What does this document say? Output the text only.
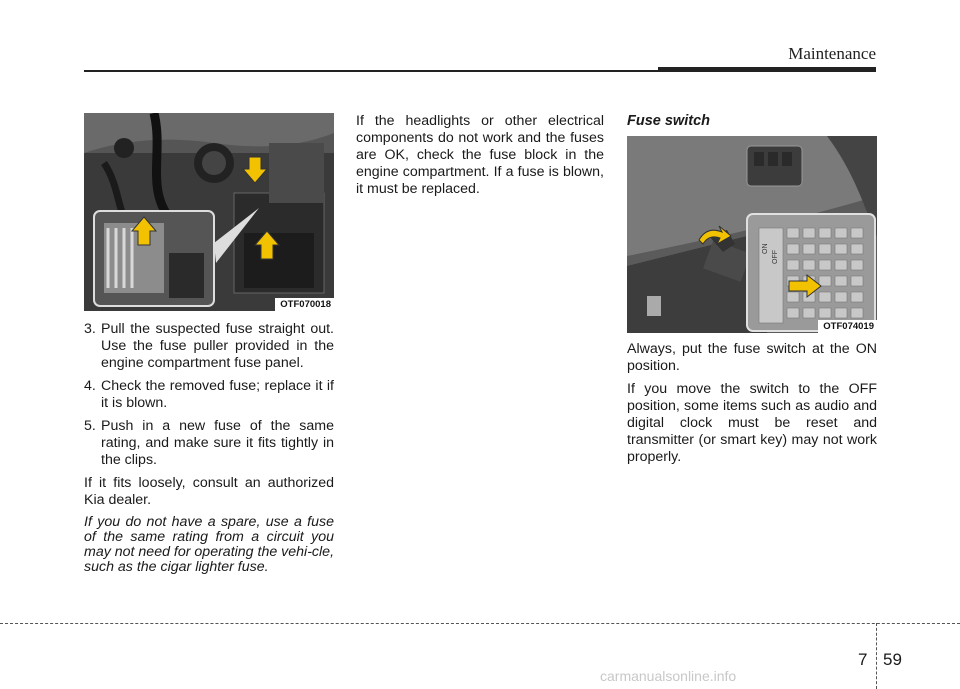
Maintenance
OTF070018
3. Pull the suspected fuse straight out. Use the fuse puller provided in the engine compartment fuse panel.
4. Check the removed fuse; replace it if it is blown.
5. Push in a new fuse of the same rating, and make sure it fits tightly in the clips.

If it fits loosely, consult an authorized Kia dealer.

If you do not have a spare, use a fuse of the same rating from a circuit you may not need for operating the vehi-cle, such as the cigar lighter fuse.

If the headlights or other electrical components do not work and the fuses are OK, check the fuse block in the engine compartment. If a fuse is blown, it must be replaced.

Fuse switch

ON
OFF
OTF074019

Always, put the fuse switch at the ON position.

If you move the switch to the OFF position, some items such as audio and digital clock must be reset and transmitter (or smart key) may not work properly.

7 59
carmanualsonline.info
